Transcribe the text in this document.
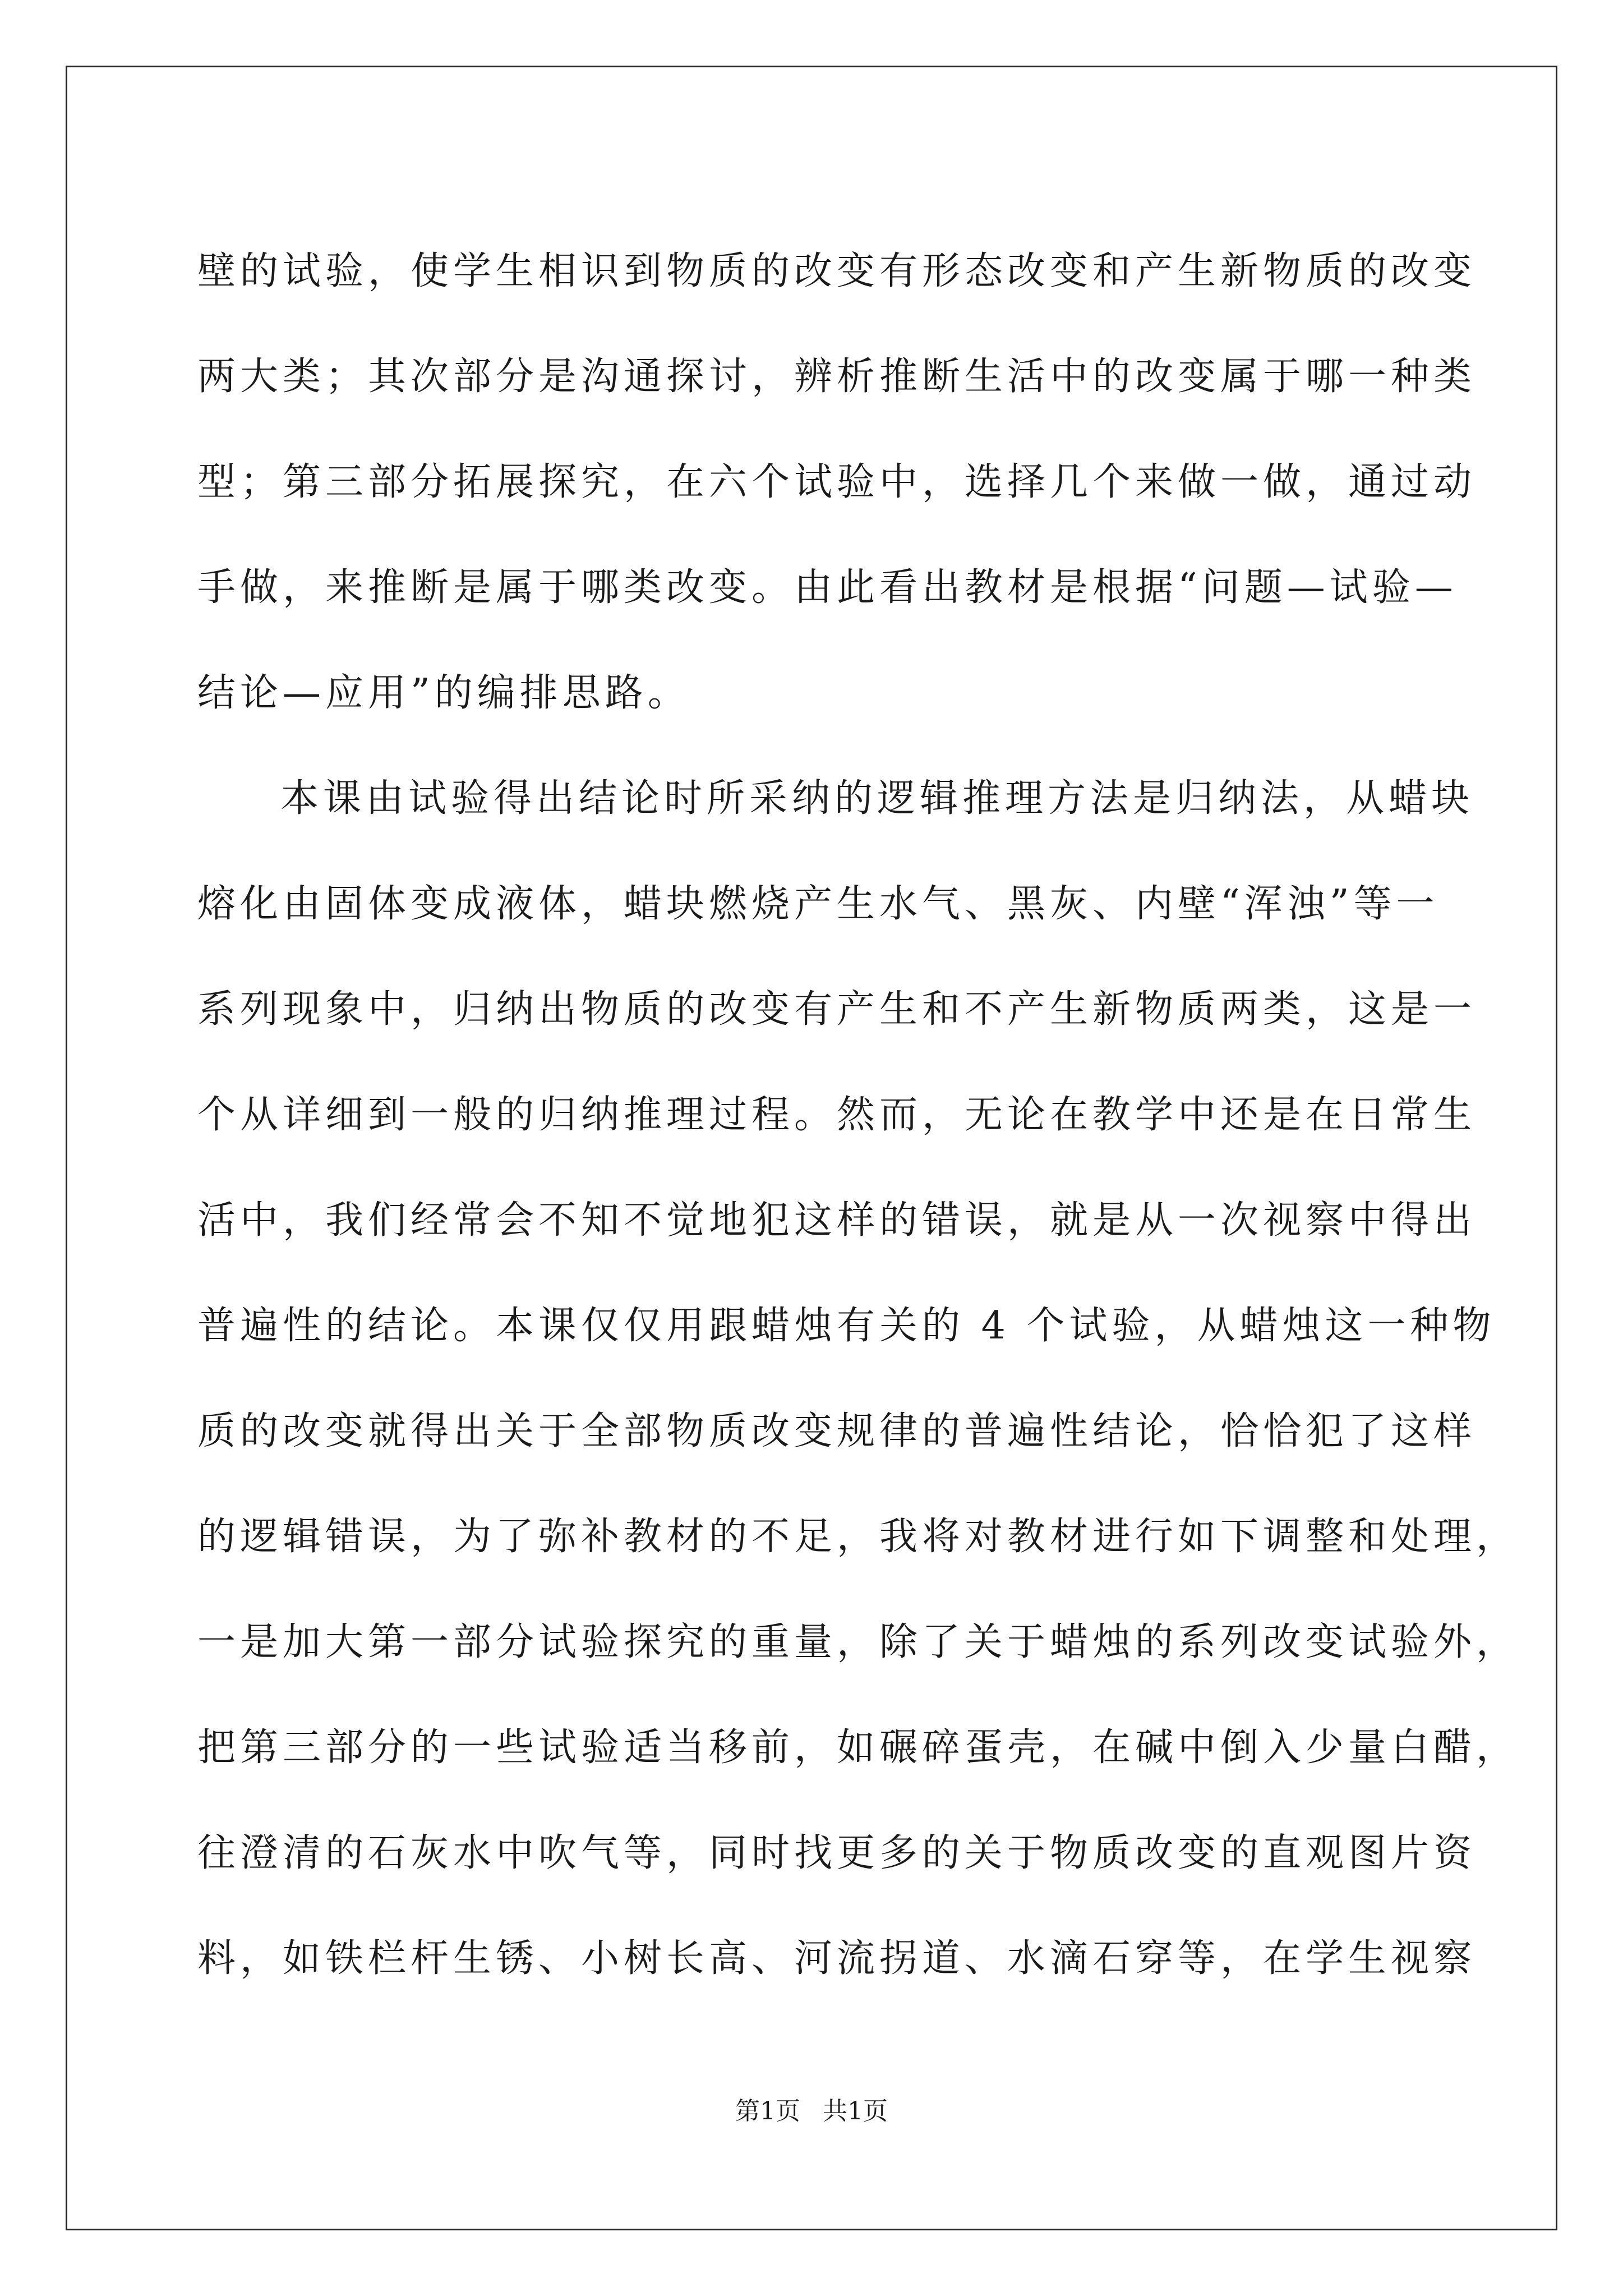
壁的试验，使学生相识到物质的改变有形态改变和产生新物质的改变
两大类；其次部分是沟通探讨，辨析推断生活中的改变属于哪一种类
型；第三部分拓展探究，在六个试验中，选择几个来做一做，通过动
手做，来推断是属于哪类改变。由此看出教材是根据“问题—试验—
结论—应用”的编排思路。
本课由试验得出结论时所采纳的逻辑推理方法是归纳法，从蜡块
熔化由固体变成液体，蜡块燃烧产生水气、黑灰、内壁“浑浊”等一
系列现象中，归纳出物质的改变有产生和不产生新物质两类，这是一
个从详细到一般的归纳推理过程。然而，无论在教学中还是在日常生
活中，我们经常会不知不觉地犯这样的错误，就是从一次视察中得出
普遍性的结论。本课仅仅用跟蜡烛有关的 4 个试验，从蜡烛这一种物
质的改变就得出关于全部物质改变规律的普遍性结论，恰恰犯了这样
的逻辑错误，为了弥补教材的不足，我将对教材进行如下调整和处理，
一是加大第一部分试验探究的重量，除了关于蜡烛的系列改变试验外，
把第三部分的一些试验适当移前，如碾碎蛋壳，在碱中倒入少量白醋，
往澄清的石灰水中吹气等，同时找更多的关于物质改变的直观图片资
料，如铁栏杆生锈、小树长高、河流拐道、水滴石穿等，在学生视察
第1页 共1页
